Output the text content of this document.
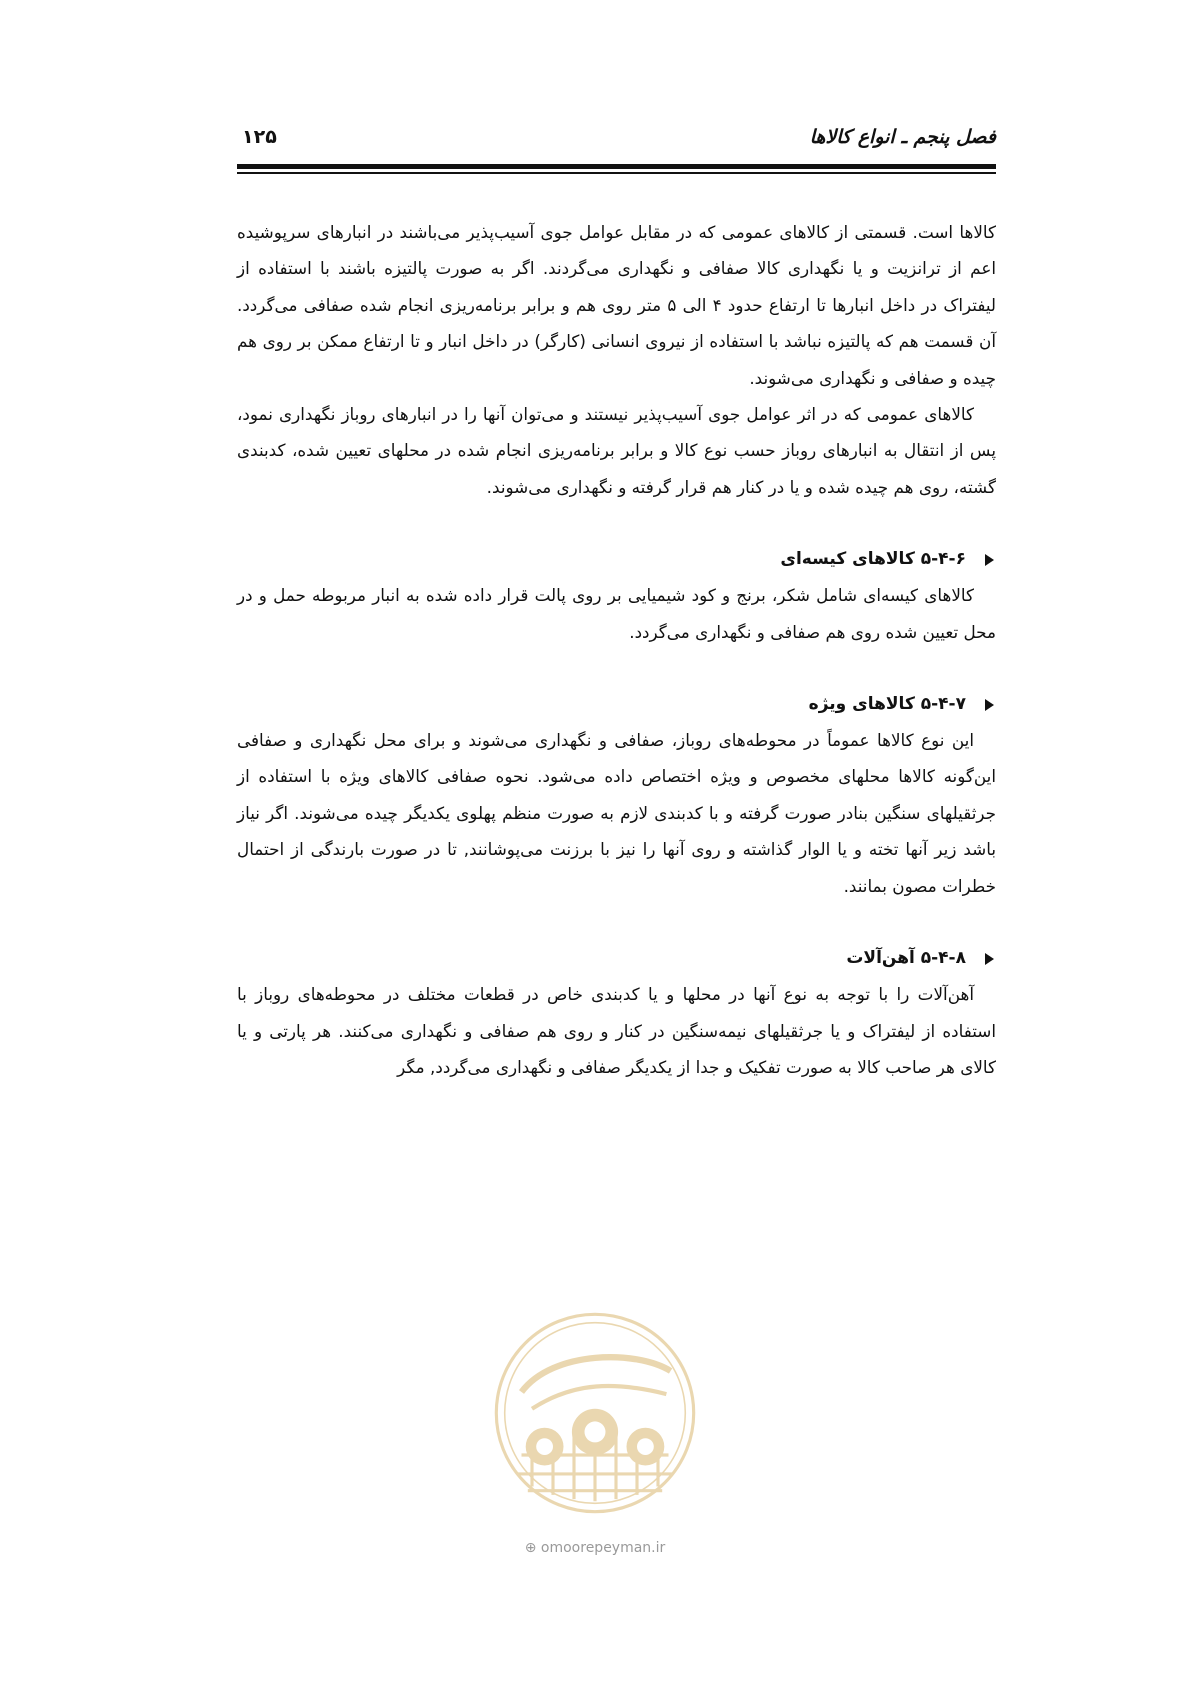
فصل پنجم ـ انواع کالاها
۱۲۵

کالاها است. قسمتی از کالاهای عمومی که در مقابل عوامل جوی آسیب‌پذیر می‌باشند در انبارهای سرپوشیده اعم از ترانزیت و یا نگهداری کالا صفافی و نگهداری می‌گردند. اگر به صورت پالتیزه باشند با استفاده از لیفتراک در داخل انبارها تا ارتفاع حدود ۴ الی ۵ متر روی هم و برابر برنامه‌ریزی انجام شده صفافی می‌گردد. آن قسمت هم که پالتیزه نباشد با استفاده از نیروی انسانی (کارگر) در داخل انبار و تا ارتفاع ممکن بر روی هم چیده و صفافی و نگهداری می‌شوند.

کالاهای عمومی که در اثر عوامل جوی آسیب‌پذیر نیستند و می‌توان آنها را در انبارهای روباز نگهداری نمود، پس از انتقال به انبارهای روباز حسب نوع کالا و برابر برنامه‌ریزی انجام شده در محلهای تعیین شده، کدبندی گشته، روی هم چیده شده و یا در کنار هم قرار گرفته و نگهداری می‌شوند.

۵-۴-۶ کالاهای کیسه‌ای

کالاهای کیسه‌ای شامل شکر، برنج و کود شیمیایی بر روی پالت قرار داده شده به انبار مربوطه حمل و در محل تعیین شده روی هم صفافی و نگهداری می‌گردد.

۵-۴-۷ کالاهای ویژه

این نوع کالاها عموماً در محوطه‌های روباز، صفافی و نگهداری می‌شوند و برای محل نگهداری و صفافی این‌گونه کالاها محلهای مخصوص و ویژه اختصاص داده می‌شود. نحوه صفافی کالاهای ویژه با استفاده از جرثقیلهای سنگین بنادر صورت گرفته و با کدبندی لازم به صورت منظم پهلوی یکدیگر چیده می‌شوند. اگر نیاز باشد زیر آنها تخته و یا الوار گذاشته و روی آنها را نیز با برزنت می‌پوشانند, تا در صورت بارندگی از احتمال خطرات مصون بمانند.

۵-۴-۸ آهن‌آلات

آهن‌آلات را با توجه به نوع آنها در محلها و یا کدبندی خاص در قطعات مختلف در محوطه‌های روباز با استفاده از لیفتراک و یا جرثقیلهای نیمه‌سنگین در کنار و روی هم صفافی و نگهداری می‌کنند. هر پارتی و یا کالای هر صاحب کالا به صورت تفکیک و جدا از یکدیگر صفافی و نگهداری می‌گردد, مگر

⊕ omoorepeyman.ir
